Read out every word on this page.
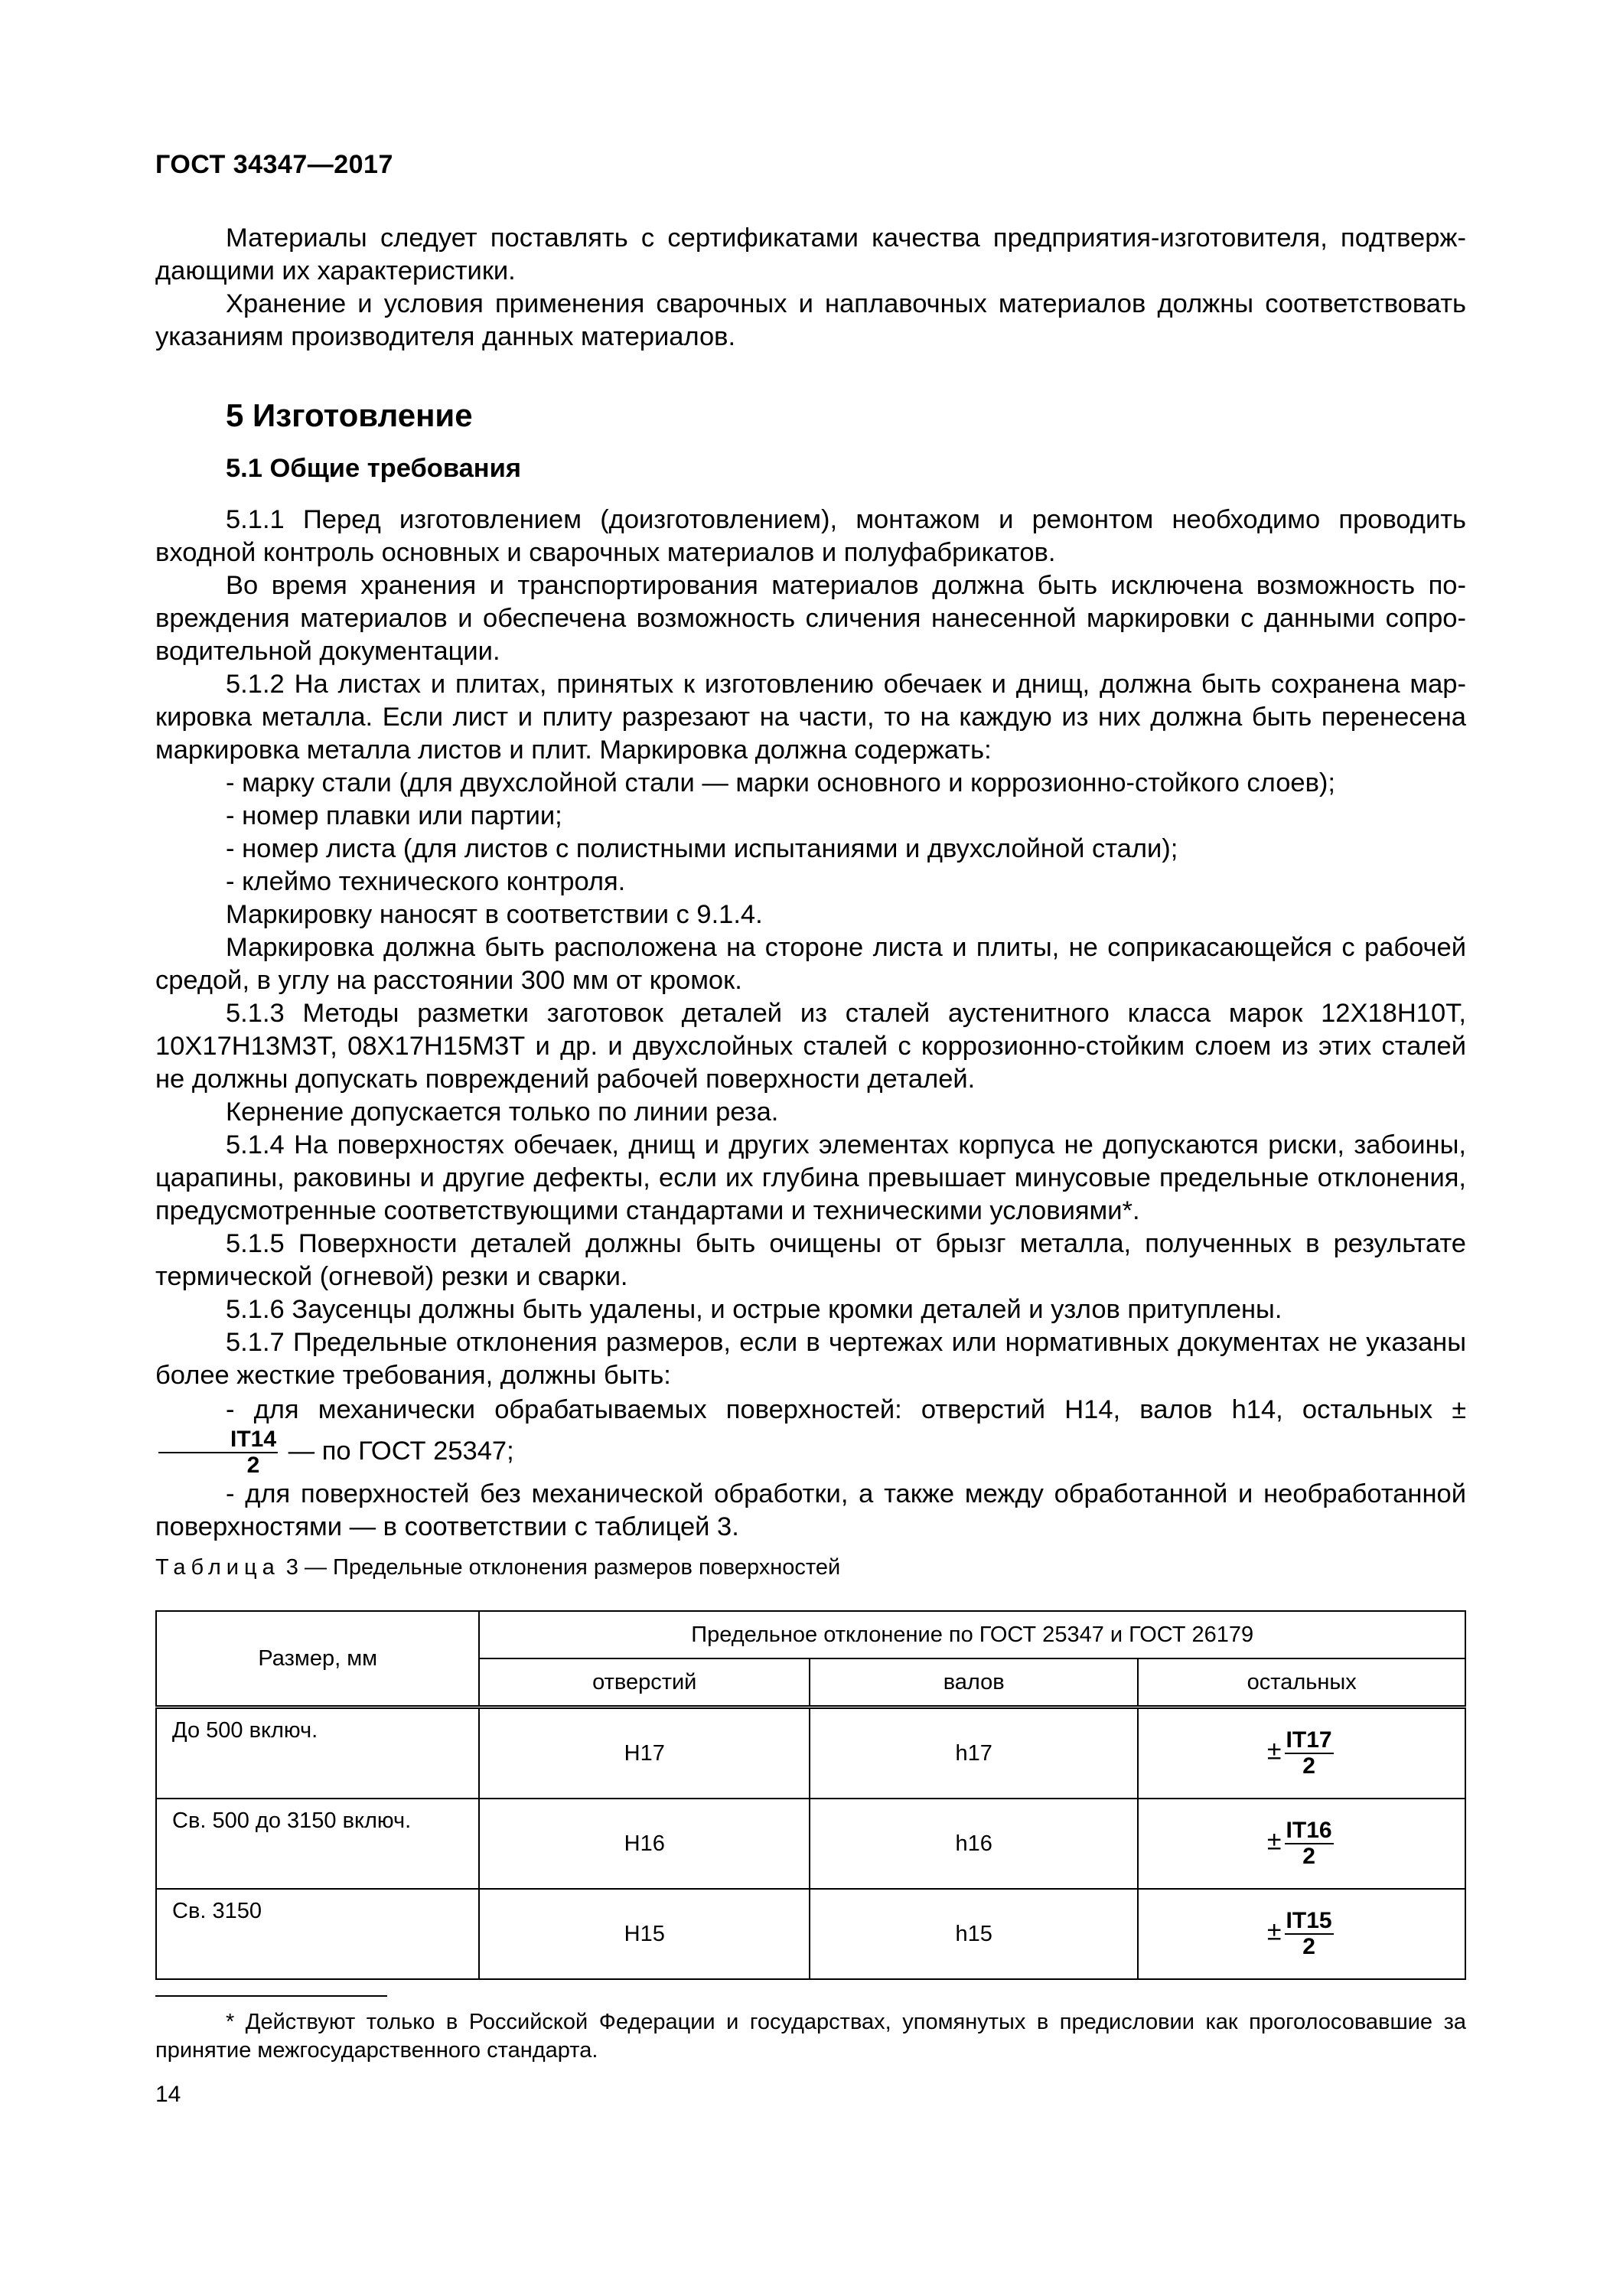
ГОСТ 34347—2017

Материалы следует поставлять с сертификатами качества предприятия-изготовителя, подтверждающими их характеристики.

Хранение и условия применения сварочных и наплавочных материалов должны соответствовать указаниям производителя данных материалов.

5 Изготовление
5.1 Общие требования

5.1.1 Перед изготовлением (доизготовлением), монтажом и ремонтом необходимо проводить входной контроль основных и сварочных материалов и полуфабрикатов.

Во время хранения и транспортирования материалов должна быть исключена возможность повреждения материалов и обеспечена возможность сличения нанесенной маркировки с данными сопроводительной документации.

5.1.2 На листах и плитах, принятых к изготовлению обечаек и днищ, должна быть сохранена маркировка металла. Если лист и плиту разрезают на части, то на каждую из них должна быть перенесена маркировка металла листов и плит. Маркировка должна содержать:

- марку стали (для двухслойной стали — марки основного и коррозионно-стойкого слоев);

- номер плавки или партии;

- номер листа (для листов с полистными испытаниями и двухслойной стали);

- клеймо технического контроля.

Маркировку наносят в соответствии с 9.1.4.

Маркировка должна быть расположена на стороне листа и плиты, не соприкасающейся с рабочей средой, в углу на расстоянии 300 мм от кромок.

5.1.3 Методы разметки заготовок деталей из сталей аустенитного класса марок 12Х18Н10Т, 10Х17Н13М3Т, 08Х17Н15М3Т и др. и двухслойных сталей с коррозионно-стойким слоем из этих сталей не должны допускать повреждений рабочей поверхности деталей.

Кернение допускается только по линии реза.

5.1.4 На поверхностях обечаек, днищ и других элементах корпуса не допускаются риски, забоины, царапины, раковины и другие дефекты, если их глубина превышает минусовые предельные отклонения, предусмотренные соответствующими стандартами и техническими условиями*.

5.1.5 Поверхности деталей должны быть очищены от брызг металла, полученных в результате термической (огневой) резки и сварки.

5.1.6 Заусенцы должны быть удалены, и острые кромки деталей и узлов притуплены.

5.1.7 Предельные отклонения размеров, если в чертежах или нормативных документах не указаны более жесткие требования, должны быть:

- для механически обрабатываемых поверхностей: отверстий Н14, валов h14, остальных ±
$\frac{IT14}{2}$ — по ГОСТ 25347;

- для поверхностей без механической обработки, а также между обработанной и необработанной поверхностями — в соответствии с таблицей 3.

Таблица 3 — Предельные отклонения размеров поверхностей
Размер, мм	Предельное отклонение по ГОСТ 25347 и ГОСТ 26179		
	отверстий	валов	остальных
До 500 включ.	H17	h17	± $\frac{IT17}{2}$

Св. 500 до 3150 включ.	H16	h16	± $\frac{IT16}{2}$

Св. 3150	H15	h15	± $\frac{IT15}{2}$
* Действуют только в Российской Федерации и государствах, упомянутых в предисловии как проголосовавшие за принятие межгосударственного стандарта.
14
